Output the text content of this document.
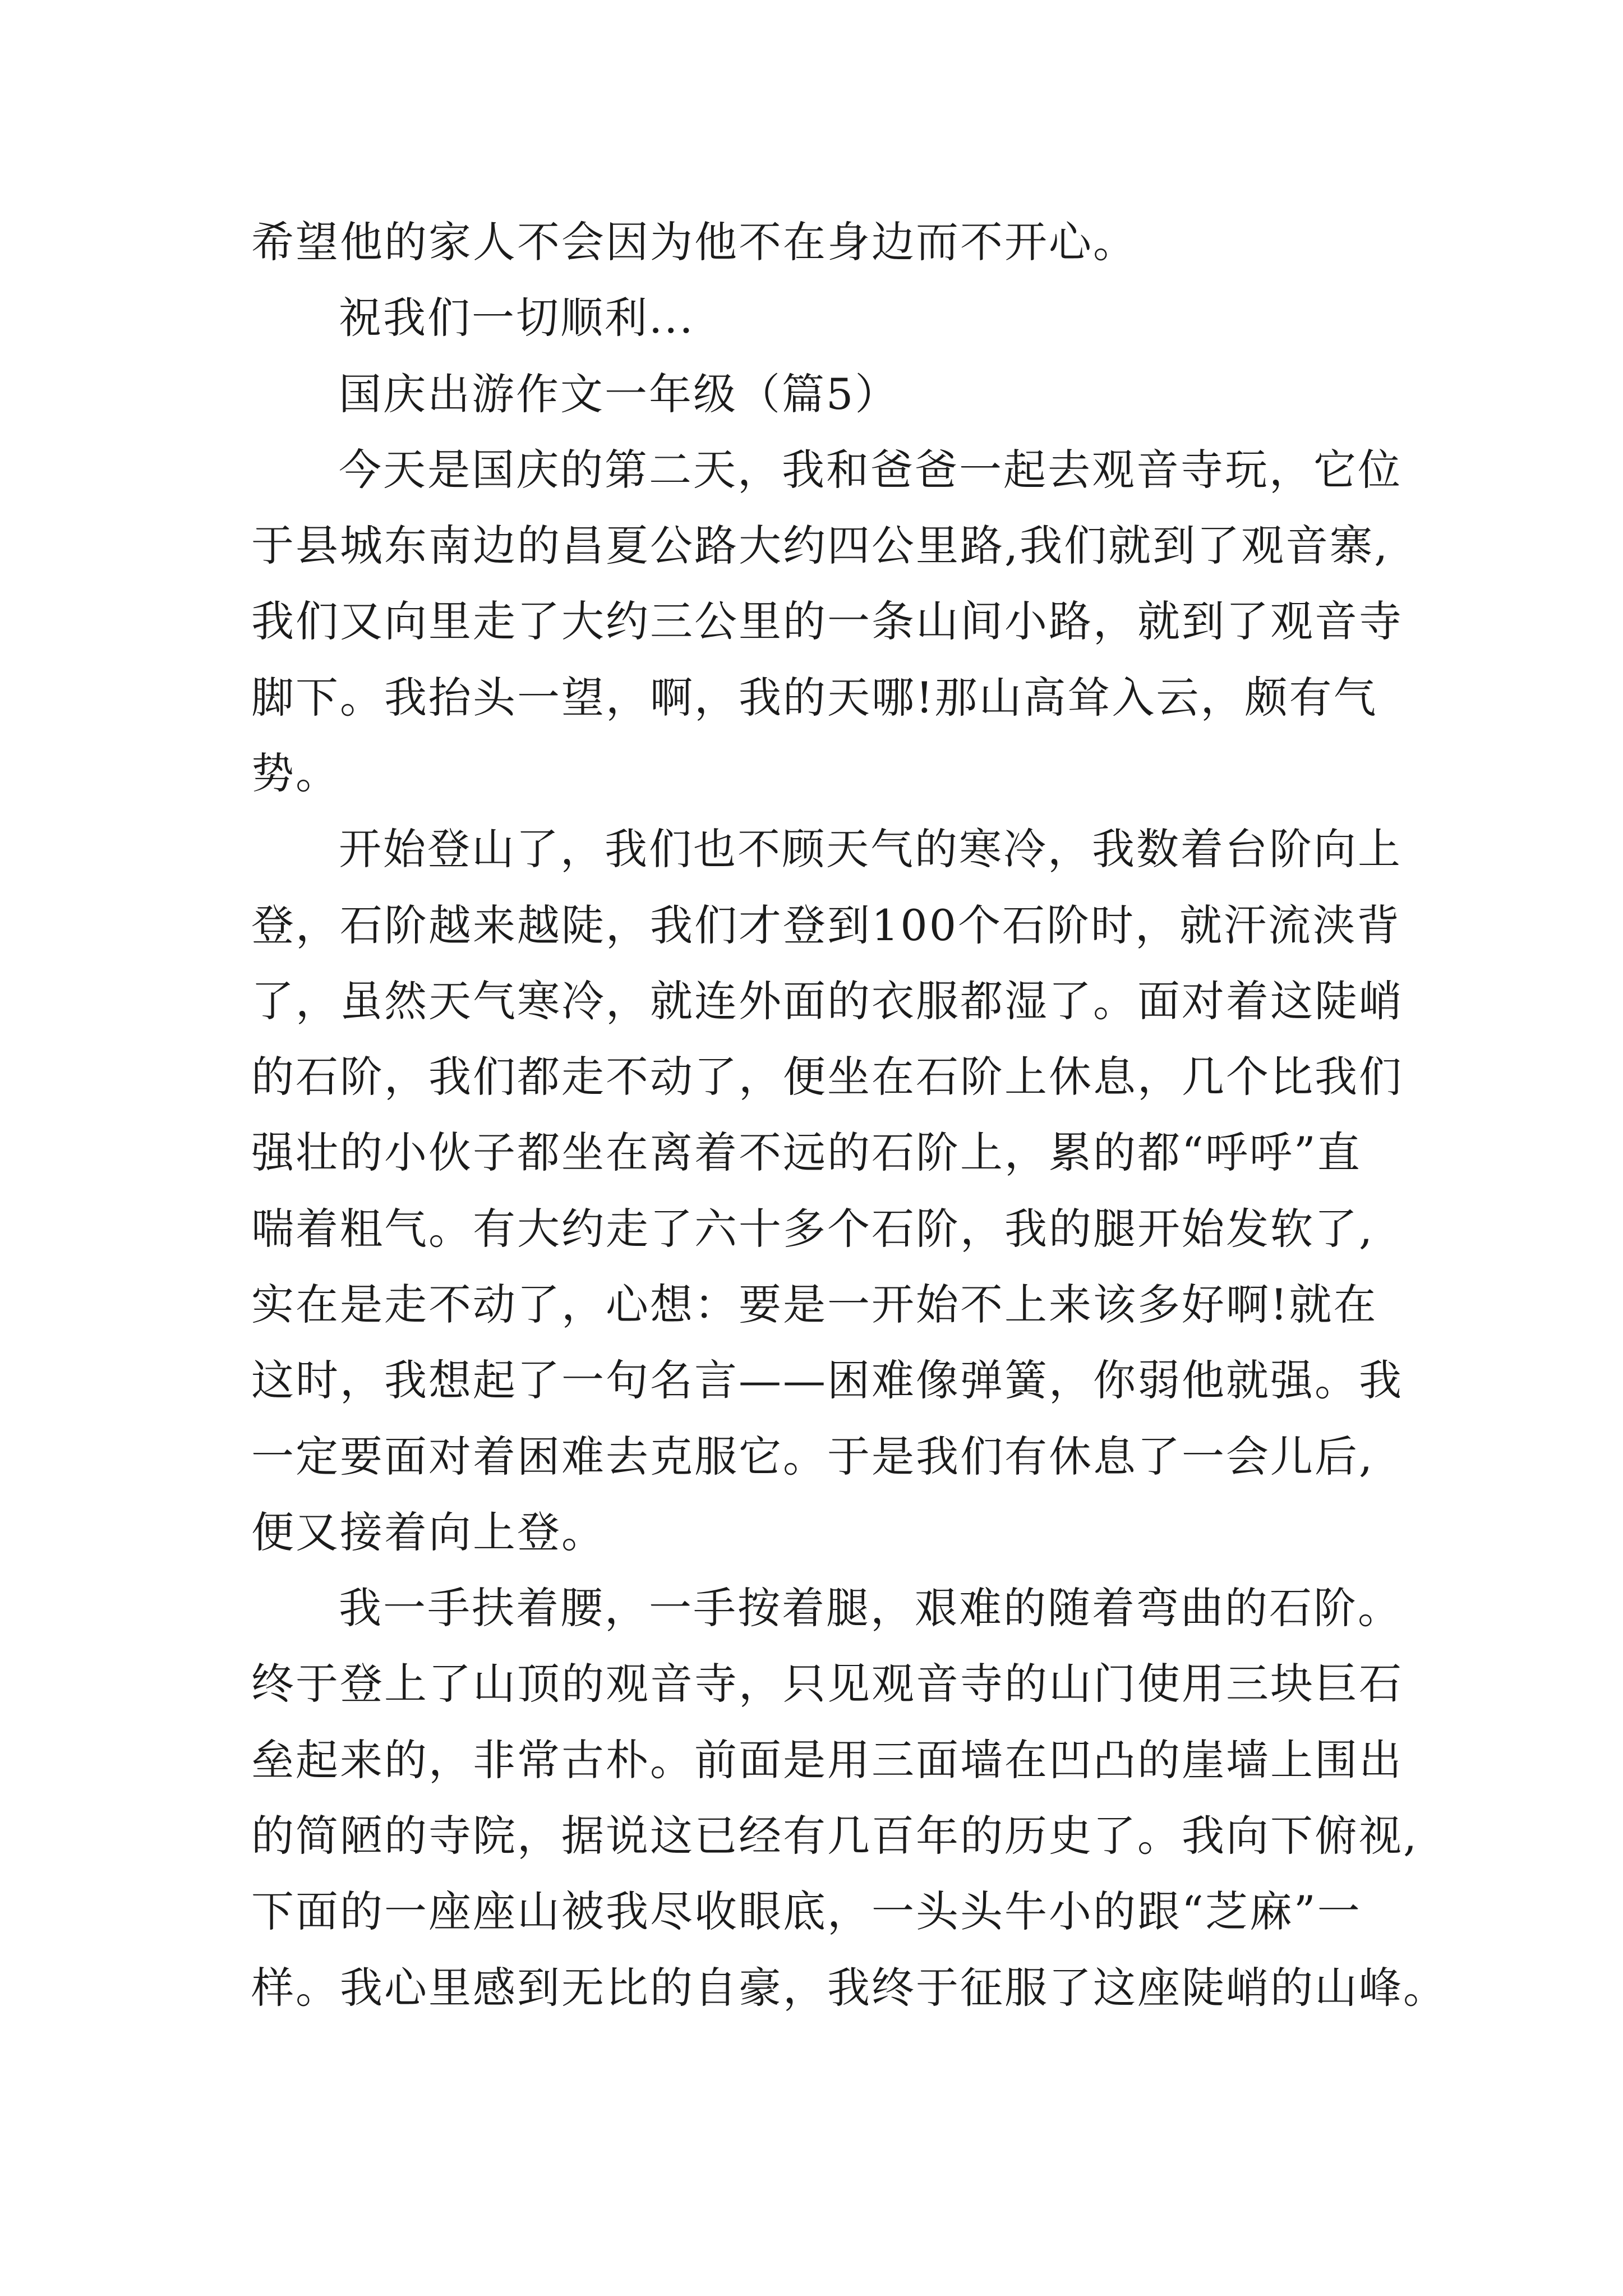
希望他的家人不会因为他不在身边而不开心。

祝我们一切顺利...

国庆出游作文一年级（篇5）

今天是国庆的第二天，我和爸爸一起去观音寺玩，它位

于县城东南边的昌夏公路大约四公里路,我们就到了观音寨,

我们又向里走了大约三公里的一条山间小路，就到了观音寺

脚下。我抬头一望，啊，我的天哪!那山高耸入云，颇有气

势。

开始登山了，我们也不顾天气的寒冷，我数着台阶向上

登，石阶越来越陡，我们才登到100个石阶时，就汗流浃背

了，虽然天气寒冷，就连外面的衣服都湿了。面对着这陡峭

的石阶，我们都走不动了，便坐在石阶上休息，几个比我们

强壮的小伙子都坐在离着不远的石阶上，累的都“呼呼”直

喘着粗气。有大约走了六十多个石阶，我的腿开始发软了,

实在是走不动了，心想：要是一开始不上来该多好啊!就在

这时，我想起了一句名言——困难像弹簧，你弱他就强。我

一定要面对着困难去克服它。于是我们有休息了一会儿后,

便又接着向上登。

我一手扶着腰，一手按着腿，艰难的随着弯曲的石阶。

终于登上了山顶的观音寺，只见观音寺的山门使用三块巨石

垒起来的，非常古朴。前面是用三面墙在凹凸的崖墙上围出

的简陋的寺院，据说这已经有几百年的历史了。我向下俯视,

下面的一座座山被我尽收眼底，一头头牛小的跟“芝麻”一

样。我心里感到无比的自豪，我终于征服了这座陡峭的山峰。
